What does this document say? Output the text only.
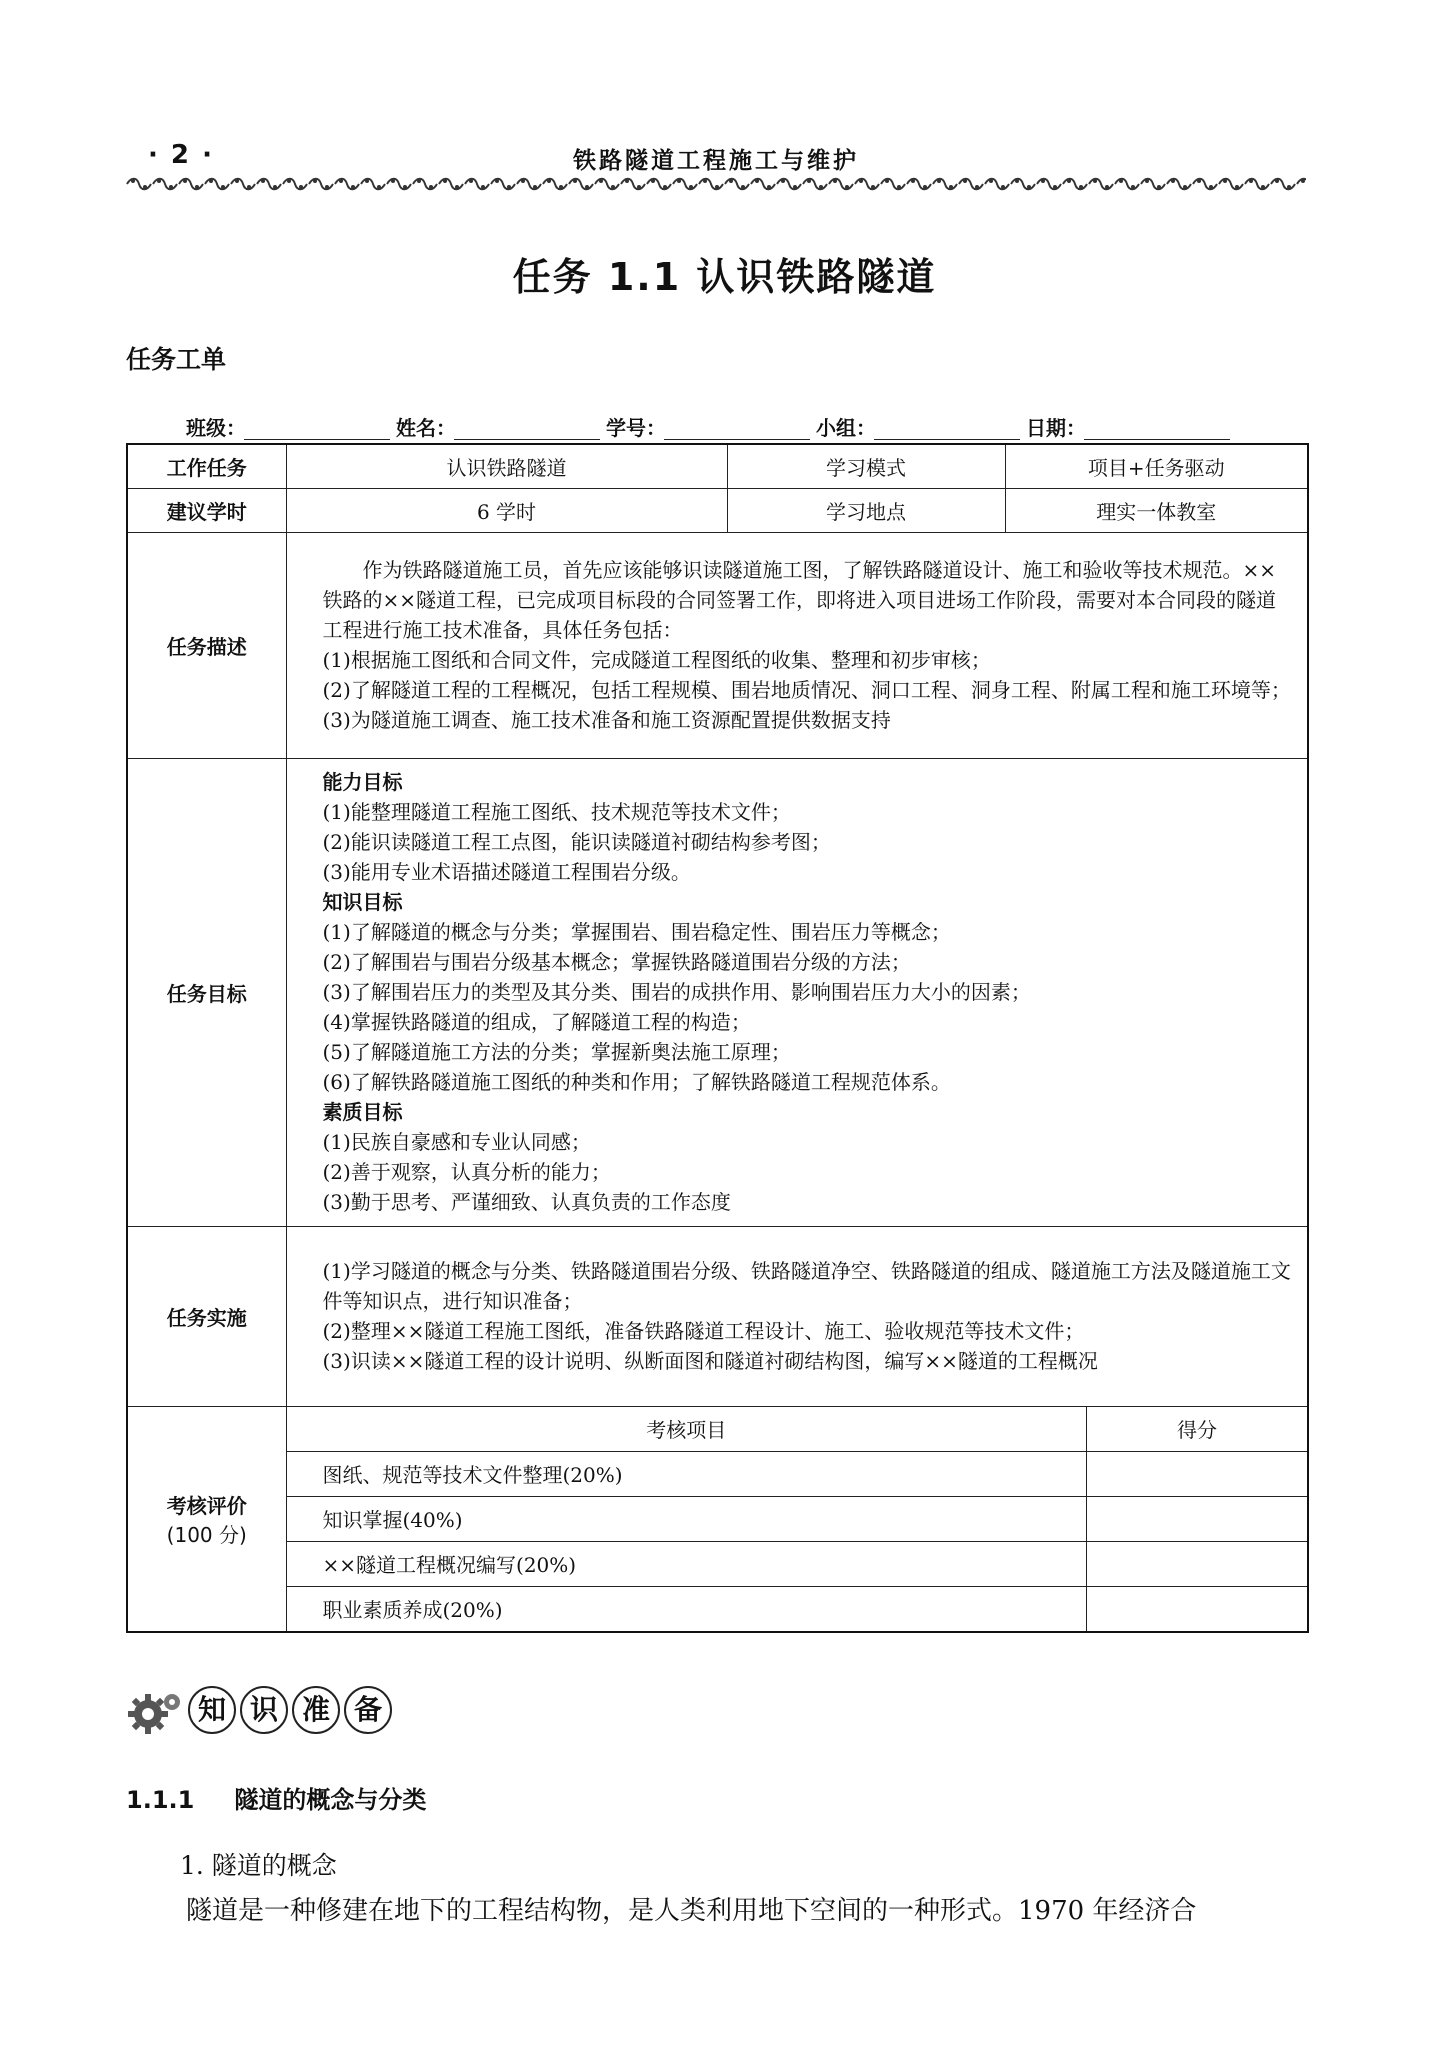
· 2 ·	铁路隧道工程施工与维护
任务 1.1 认识铁路隧道
任务工单
班级：	姓名：	学号：	小组：	日期：
工作任务	认识铁路隧道	学习模式	项目+任务驱动
建议学时	6 学时	学习地点	理实一体教室
任务描述	

作为铁路隧道施工员，首先应该能够识读隧道施工图，了解铁路隧道设计、施工和验收等技术规范。××铁路的××隧道工程，已完成项目标段的合同签署工作，即将进入项目进场工作阶段，需要对本合同段的隧道工程进行施工技术准备，具体任务包括：

(1)根据施工图纸和合同文件，完成隧道工程图纸的收集、整理和初步审核；

(2)了解隧道工程的工程概况，包括工程规模、围岩地质情况、洞口工程、洞身工程、附属工程和施工环境等；

(3)为隧道施工调查、施工技术准备和施工资源配置提供数据支持

任务目标	

能力目标

(1)能整理隧道工程施工图纸、技术规范等技术文件；

(2)能识读隧道工程工点图，能识读隧道衬砌结构参考图；

(3)能用专业术语描述隧道工程围岩分级。

知识目标

(1)了解隧道的概念与分类；掌握围岩、围岩稳定性、围岩压力等概念；

(2)了解围岩与围岩分级基本概念；掌握铁路隧道围岩分级的方法；

(3)了解围岩压力的类型及其分类、围岩的成拱作用、影响围岩压力大小的因素；

(4)掌握铁路隧道的组成，了解隧道工程的构造；

(5)了解隧道施工方法的分类；掌握新奥法施工原理；

(6)了解铁路隧道施工图纸的种类和作用；了解铁路隧道工程规范体系。

素质目标

(1)民族自豪感和专业认同感；

(2)善于观察，认真分析的能力；

(3)勤于思考、严谨细致、认真负责的工作态度

任务实施	

(1)学习隧道的概念与分类、铁路隧道围岩分级、铁路隧道净空、铁路隧道的组成、隧道施工方法及隧道施工文件等知识点，进行知识准备；

(2)整理××隧道工程施工图纸，准备铁路隧道工程设计、施工、验收规范等技术文件；

(3)识读××隧道工程的设计说明、纵断面图和隧道衬砌结构图，编写××隧道的工程概况

考核评价
(100 分)

考核项目	得分
图纸、规范等技术文件整理(20%)	
知识掌握(40%)	
××隧道工程概况编写(20%)	
职业素质养成(20%)	
知 识 准 备
1.1.1 隧道的概念与分类
1. 隧道的概念
隧道是一种修建在地下的工程结构物，是人类利用地下空间的一种形式。1970 年经济合
